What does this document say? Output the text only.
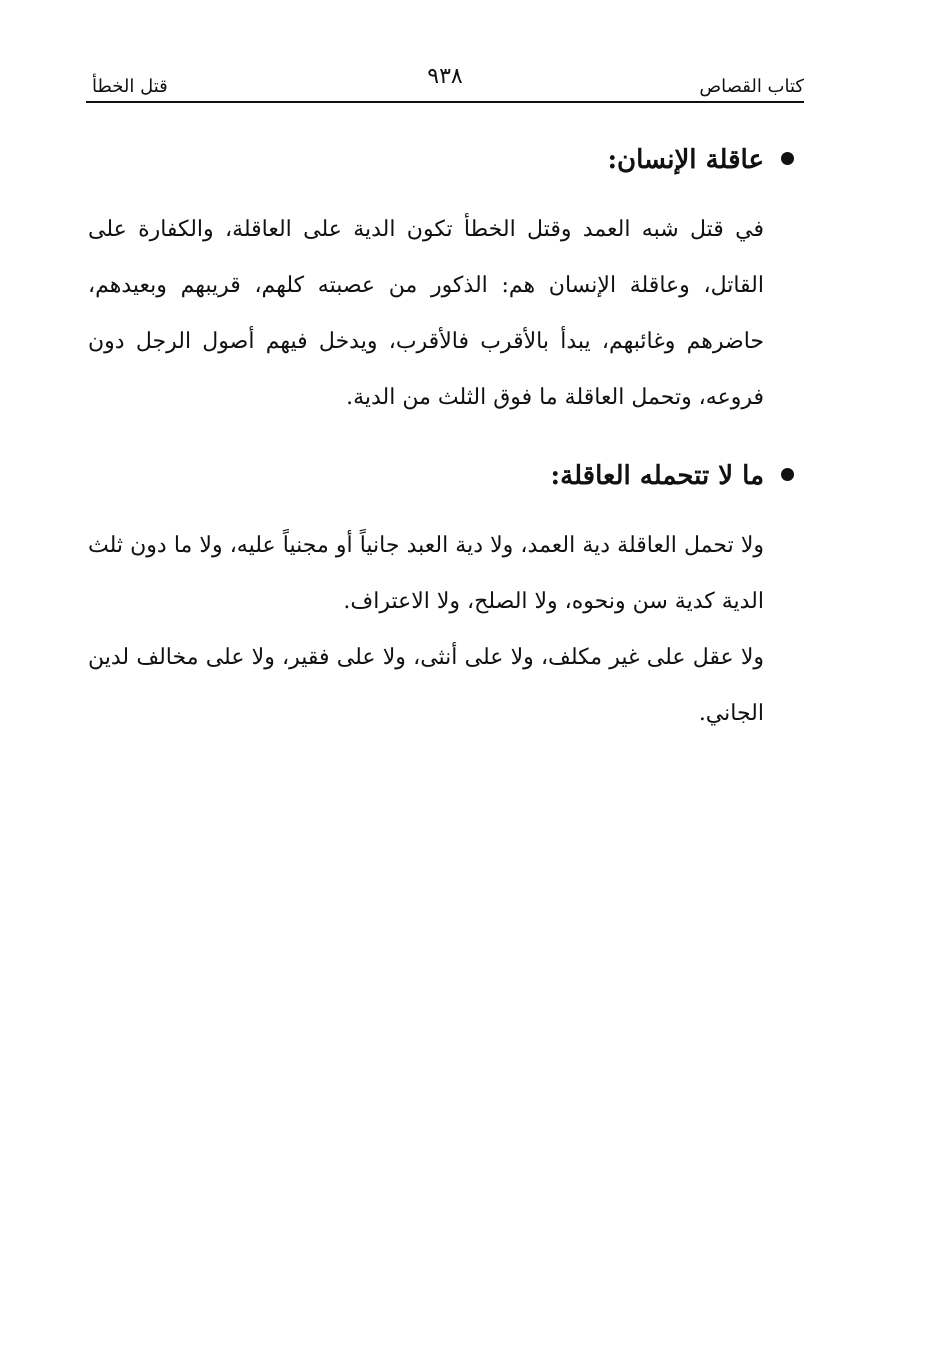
قتل الخطأ	٩٣٨	كتاب القصاص
عاقلة الإنسان:

في قتل شبه العمد وقتل الخطأ تكون الدية على العاقلة، والكفارة على القاتل، وعاقلة الإنسان هم: الذكور من عصبته كلهم، قريبهم وبعيدهم، حاضرهم وغائبهم، يبدأ بالأقرب فالأقرب، ويدخل فيهم أصول الرجل دون فروعه، وتحمل العاقلة ما فوق الثلث من الدية.

ما لا تتحمله العاقلة:

ولا تحمل العاقلة دية العمد، ولا دية العبد جانياً أو مجنياً عليه، ولا ما دون ثلث الدية كدية سن ونحوه، ولا الصلح، ولا الاعتراف.

ولا عقل على غير مكلف، ولا على أنثى، ولا على فقير، ولا على مخالف لدين الجاني.
